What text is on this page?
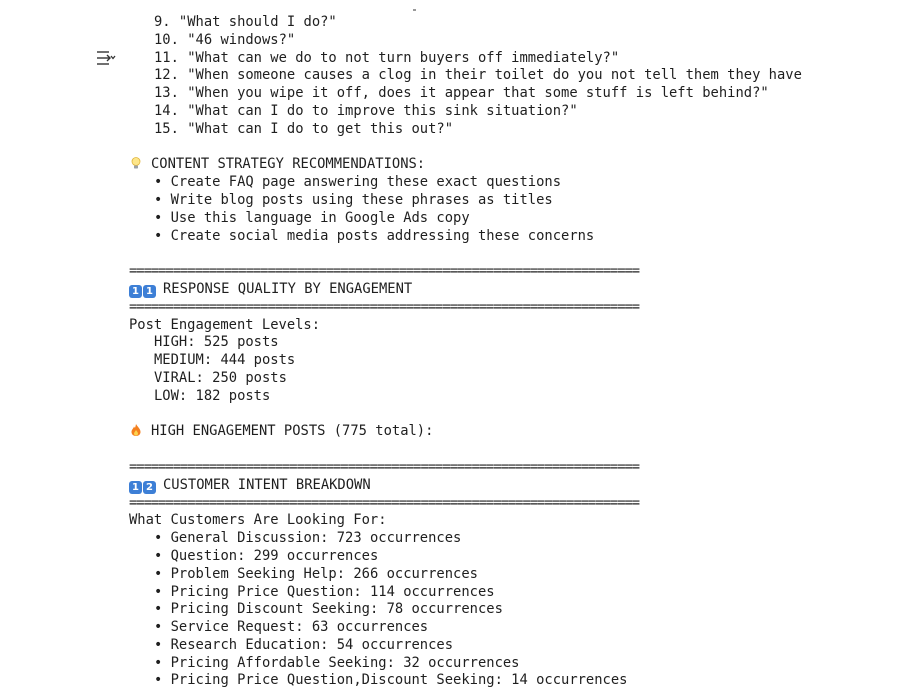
9. "What should I do?"
10. "46 windows?"
11. "What can we do to not turn buyers off immediately?"
12. "When someone causes a clog in their toilet do you not tell them they have
13. "When you wipe it off, does it appear that some stuff is left behind?"
14. "What can I do to improve this sink situation?"
15. "What can I do to get this out?"
CONTENT STRATEGY RECOMMENDATIONS:
• Create FAQ page answering these exact questions
• Write blog posts using these phrases as titles
• Use this language in Google Ads copy
• Create social media posts addressing these concerns
======================================================================
1 1 RESPONSE QUALITY BY ENGAGEMENT
======================================================================
Post Engagement Levels:
HIGH: 525 posts
MEDIUM: 444 posts
VIRAL: 250 posts
LOW: 182 posts
HIGH ENGAGEMENT POSTS (775 total):
======================================================================
1 2 CUSTOMER INTENT BREAKDOWN
======================================================================
What Customers Are Looking For:
• General Discussion: 723 occurrences
• Question: 299 occurrences
• Problem Seeking Help: 266 occurrences
• Pricing Price Question: 114 occurrences
• Pricing Discount Seeking: 78 occurrences
• Service Request: 63 occurrences
• Research Education: 54 occurrences
• Pricing Affordable Seeking: 32 occurrences
• Pricing Price Question,Discount Seeking: 14 occurrences
